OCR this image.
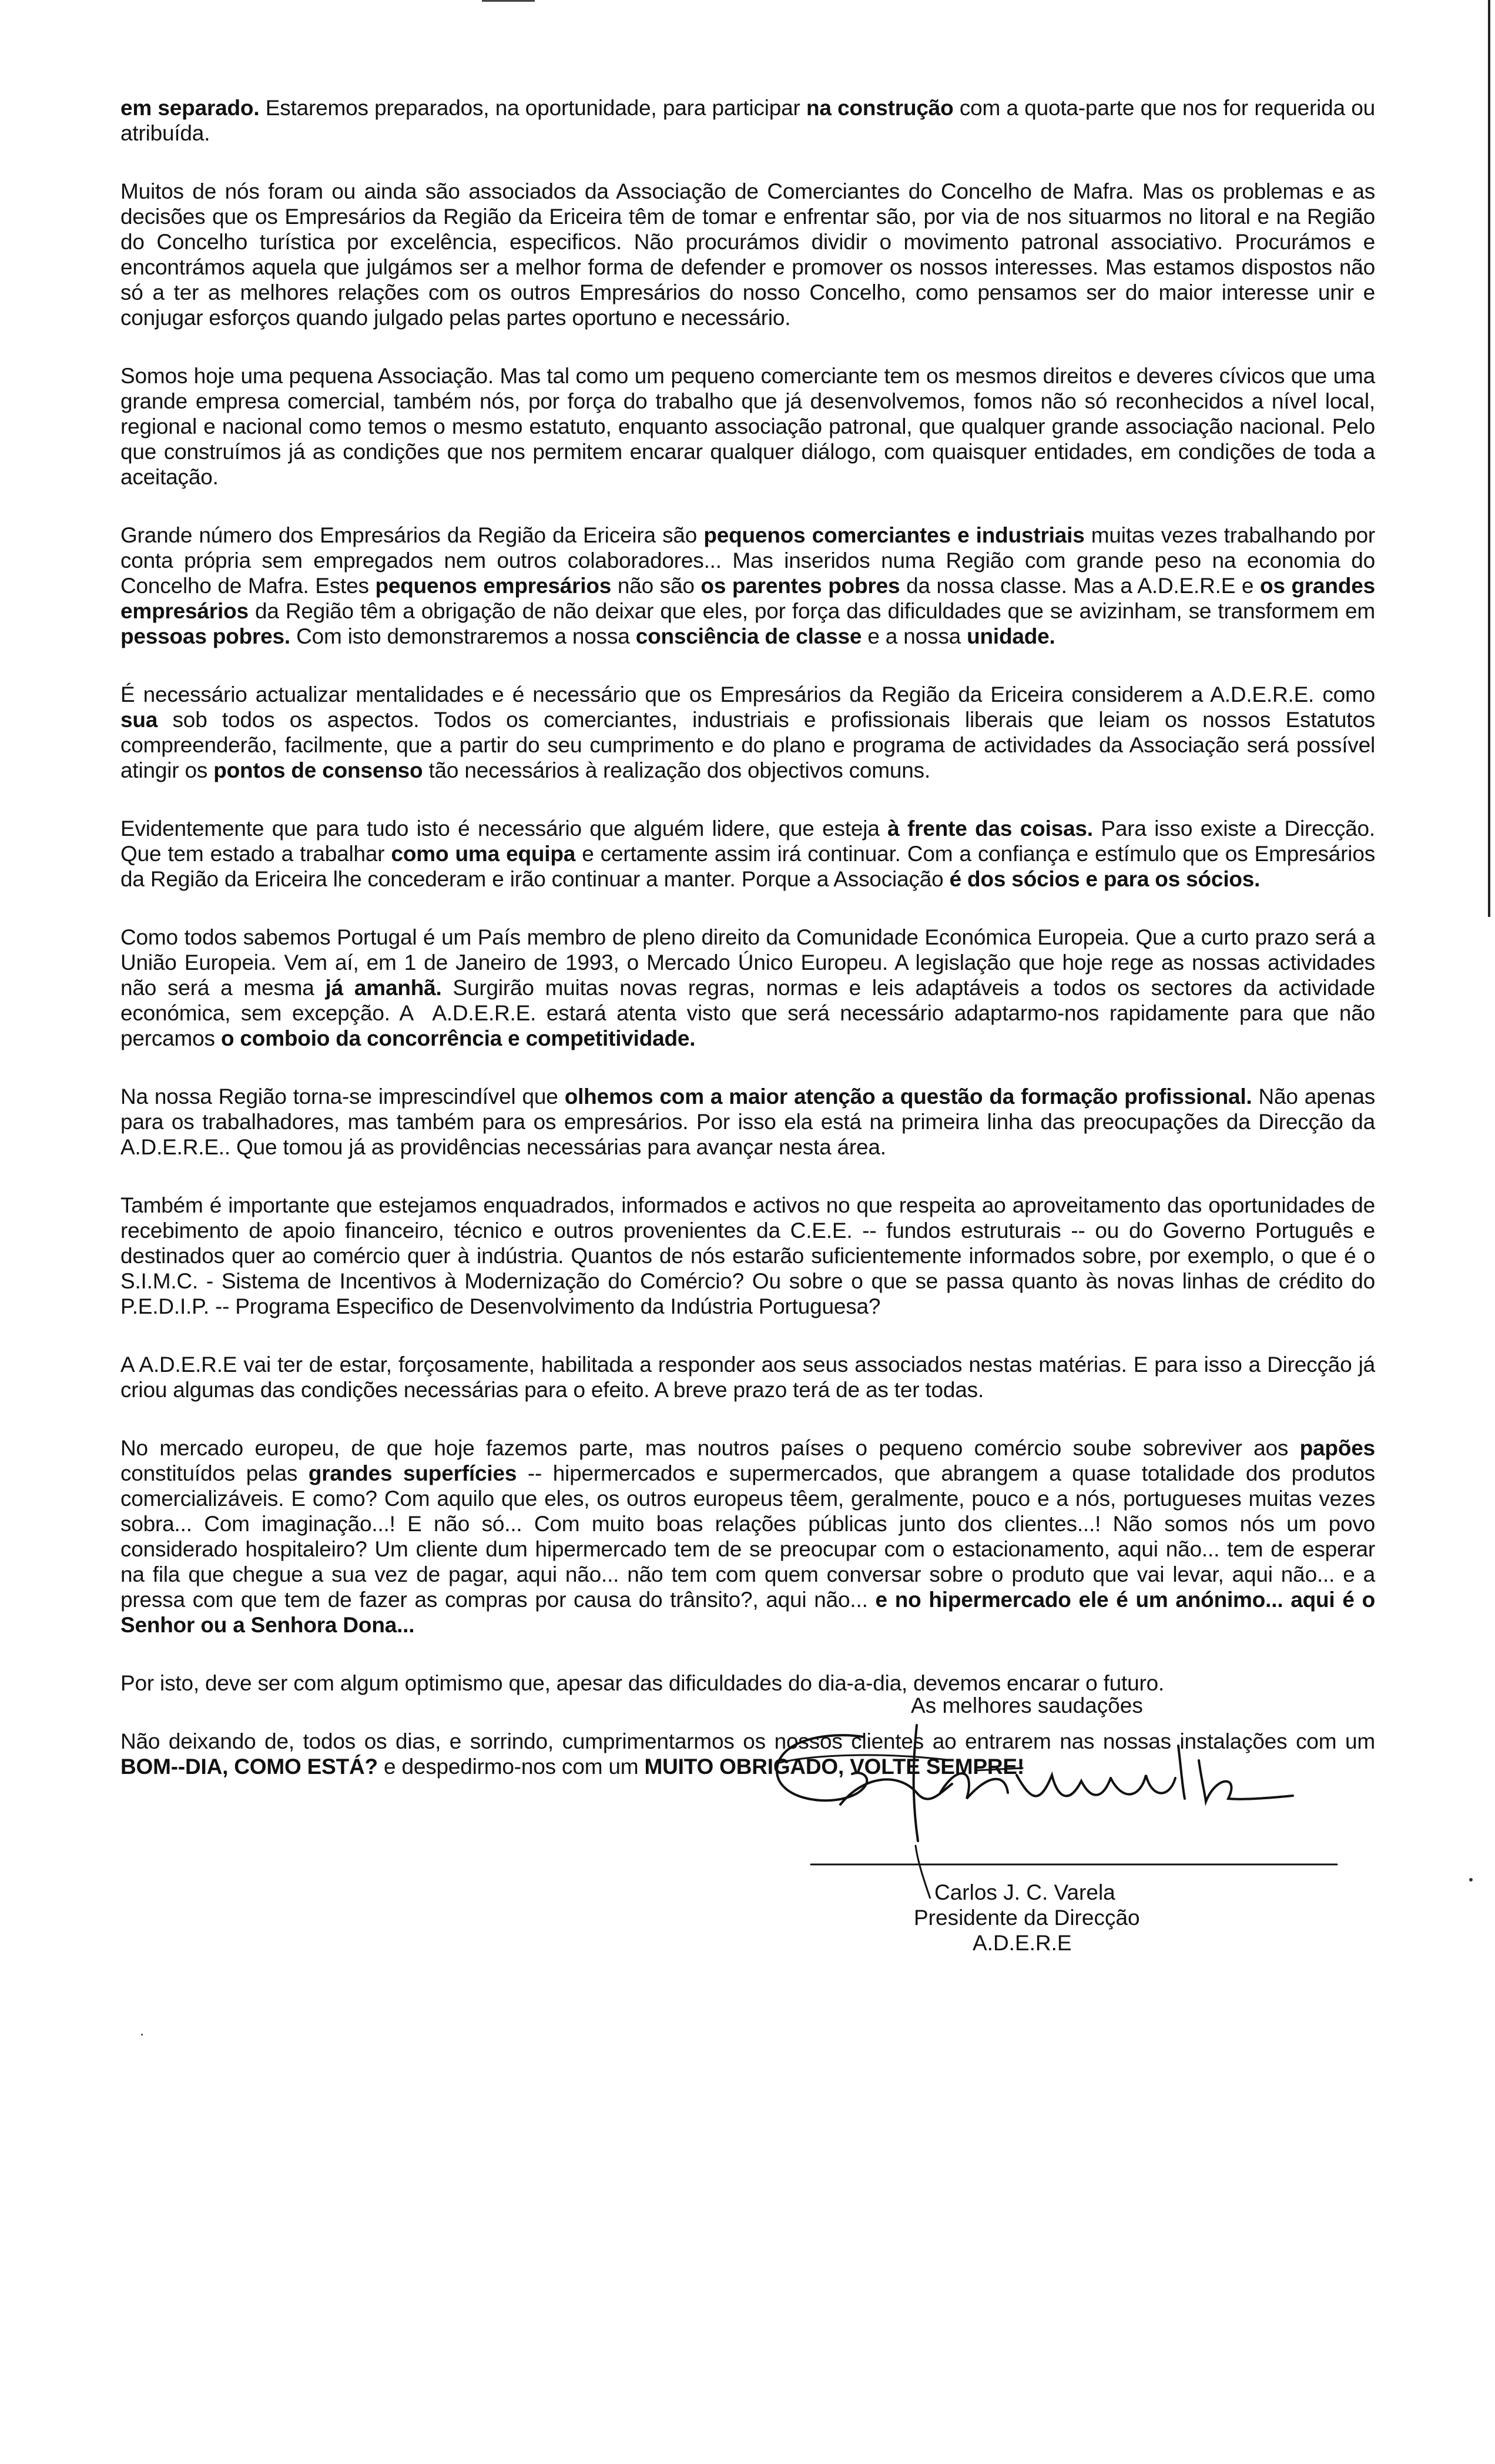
em separado. Estaremos preparados, na oportunidade, para participar na construção com a quota-parte que nos for requerida ou atribuída.

Muitos de nós foram ou ainda são associados da Associação de Comerciantes do Concelho de Mafra. Mas os problemas e as decisões que os Empresários da Região da Ericeira têm de tomar e enfrentar são, por via de nos situarmos no litoral e na Região do Concelho turística por excelência, especificos. Não procurámos dividir o movimento patronal associativo. Procurámos e encontrámos aquela que julgámos ser a melhor forma de defender e promover os nossos interesses. Mas estamos dispostos não só a ter as melhores relações com os outros Empresários do nosso Concelho, como pensamos ser do maior interesse unir e conjugar esforços quando julgado pelas partes oportuno e necessário.

Somos hoje uma pequena Associação. Mas tal como um pequeno comerciante tem os mesmos direitos e deveres cívicos que uma grande empresa comercial, também nós, por força do trabalho que já desenvolvemos, fomos não só reconhecidos a nível local, regional e nacional como temos o mesmo estatuto, enquanto associação patronal, que qualquer grande associação nacional. Pelo que construímos já as condições que nos permitem encarar qualquer diálogo, com quaisquer entidades, em condições de toda a aceitação.

Grande número dos Empresários da Região da Ericeira são pequenos comerciantes e industriais muitas vezes trabalhando por conta própria sem empregados nem outros colaboradores... Mas inseridos numa Região com grande peso na economia do Concelho de Mafra. Estes pequenos empresários não são os parentes pobres da nossa classe. Mas a A.D.E.R.E e os grandes empresários da Região têm a obrigação de não deixar que eles, por força das dificuldades que se avizinham, se transformem em pessoas pobres. Com isto demonstraremos a nossa consciência de classe e a nossa unidade.

É necessário actualizar mentalidades e é necessário que os Empresários da Região da Ericeira considerem a A.D.E.R.E. como sua sob todos os aspectos. Todos os comerciantes, industriais e profissionais liberais que leiam os nossos Estatutos compreenderão, facilmente, que a partir do seu cumprimento e do plano e programa de actividades da Associação será possível atingir os pontos de consenso tão necessários à realização dos objectivos comuns.

Evidentemente que para tudo isto é necessário que alguém lidere, que esteja à frente das coisas. Para isso existe a Direcção. Que tem estado a trabalhar como uma equipa e certamente assim irá continuar. Com a confiança e estímulo que os Empresários da Região da Ericeira lhe concederam e irão continuar a manter. Porque a Associação é dos sócios e para os sócios.

Como todos sabemos Portugal é um País membro de pleno direito da Comunidade Económica Europeia. Que a curto prazo será a União Europeia. Vem aí, em 1 de Janeiro de 1993, o Mercado Único Europeu. A legislação que hoje rege as nossas actividades não será a mesma já amanhã. Surgirão muitas novas regras, normas e leis adaptáveis a todos os sectores da actividade económica, sem excepção. A  A.D.E.R.E. estará atenta visto que será necessário adaptarmo-nos rapidamente para que não percamos o comboio da concorrência e competitividade.

Na nossa Região torna-se imprescindível que olhemos com a maior atenção a questão da formação profissional. Não apenas para os trabalhadores, mas também para os empresários. Por isso ela está na primeira linha das preocupações da Direcção da A.D.E.R.E.. Que tomou já as providências necessárias para avançar nesta área.

Também é importante que estejamos enquadrados, informados e activos no que respeita ao aproveitamento das oportunidades de recebimento de apoio financeiro, técnico e outros provenientes da C.E.E. -- fundos estruturais -- ou do Governo Português e destinados quer ao comércio quer à indústria. Quantos de nós estarão suficientemente informados sobre, por exemplo, o que é o S.I.M.C. - Sistema de Incentivos à Modernização do Comércio? Ou sobre o que se passa quanto às novas linhas de crédito do P.E.D.I.P. -- Programa Especifico de Desenvolvimento da Indústria Portuguesa?

A A.D.E.R.E vai ter de estar, forçosamente, habilitada a responder aos seus associados nestas matérias. E para isso a Direcção já criou algumas das condições necessárias para o efeito. A breve prazo terá de as ter todas.

No mercado europeu, de que hoje fazemos parte, mas noutros países o pequeno comércio soube sobreviver aos papões constituídos pelas grandes superfícies -- hipermercados e supermercados, que abrangem a quase totalidade dos produtos comercializáveis. E como? Com aquilo que eles, os outros europeus têem, geralmente, pouco e a nós, portugueses muitas vezes sobra... Com imaginação...! E não só... Com muito boas relações públicas junto dos clientes...! Não somos nós um povo considerado hospitaleiro? Um cliente dum hipermercado tem de se preocupar com o estacionamento, aqui não... tem de esperar na fila que chegue a sua vez de pagar, aqui não... não tem com quem conversar sobre o produto que vai levar, aqui não... e a pressa com que tem de fazer as compras por causa do trânsito?, aqui não... e no hipermercado ele é um anónimo... aqui é o Senhor ou a Senhora Dona...

Por isto, deve ser com algum optimismo que, apesar das dificuldades do dia-a-dia, devemos encarar o futuro.

Não deixando de, todos os dias, e sorrindo, cumprimentarmos os nossos clientes ao entrarem nas nossas instalações com um BOM--DIA, COMO ESTÁ? e despedirmo-nos com um MUITO OBRIGADO, VOLTE SEMPRE!

As melhores saudações
Carlos J. C. Varela
Presidente da Direcção
A.D.E.R.E
